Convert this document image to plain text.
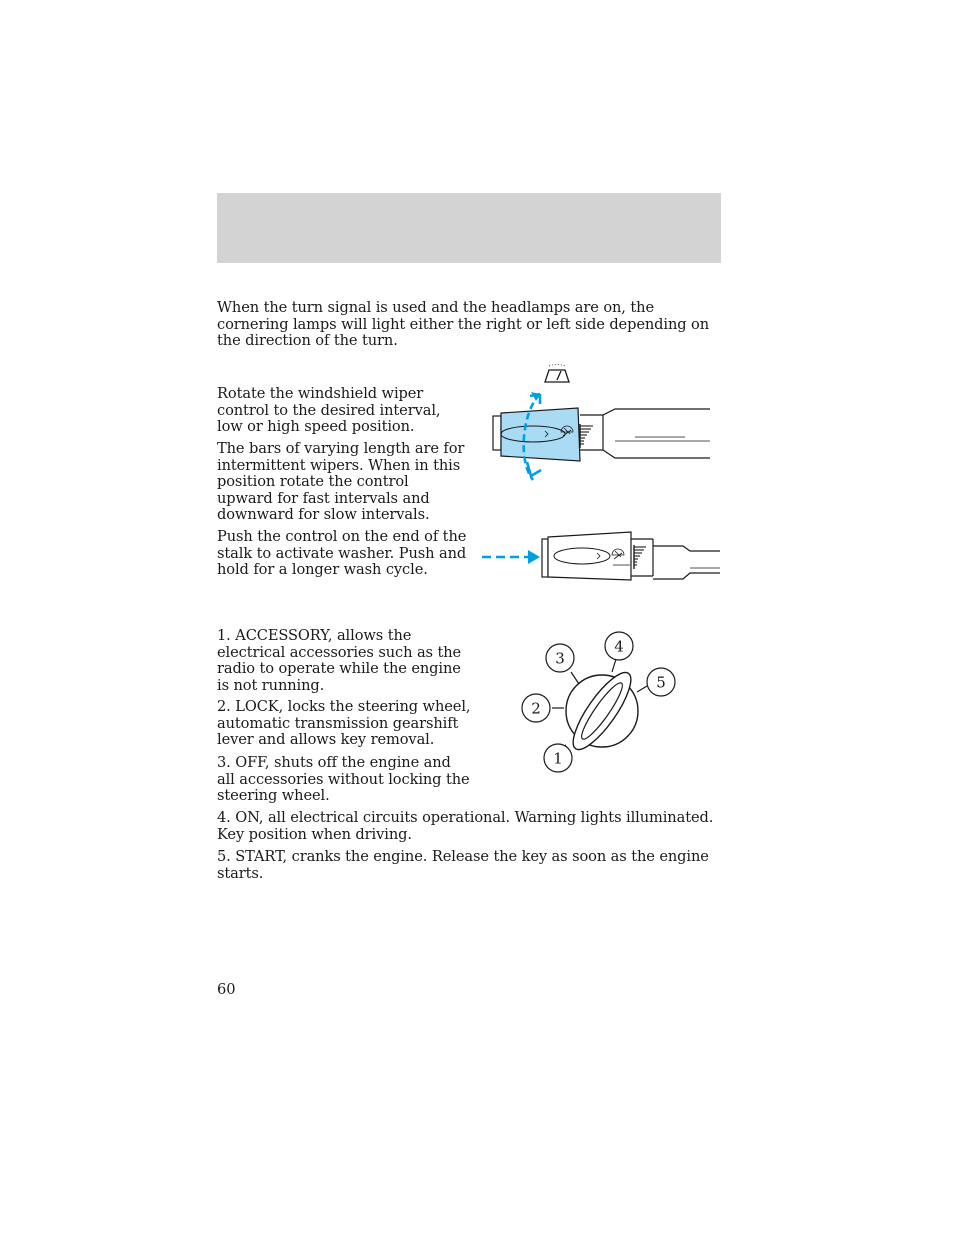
When the turn signal is used and the headlamps are on, the cornering lamps will light either the right or left side depending on the direction of the turn.

Rotate the windshield wiper control to the desired interval, low or high speed position.

The bars of varying length are for intermittent wipers. When in this position rotate the control upward for fast intervals and downward for slow intervals.

Push the control on the end of the stalk to activate washer. Push and hold for a longer wash cycle.

1
2
3
4
5

1. ACCESSORY, allows the electrical accessories such as the radio to operate while the engine is not running.

2. LOCK, locks the steering wheel, automatic transmission gearshift lever and allows key removal.

3. OFF, shuts off the engine and all accessories without locking the steering wheel.

4. ON, all electrical circuits operational. Warning lights illuminated. Key position when driving.

5. START, cranks the engine. Release the key as soon as the engine starts.

60
